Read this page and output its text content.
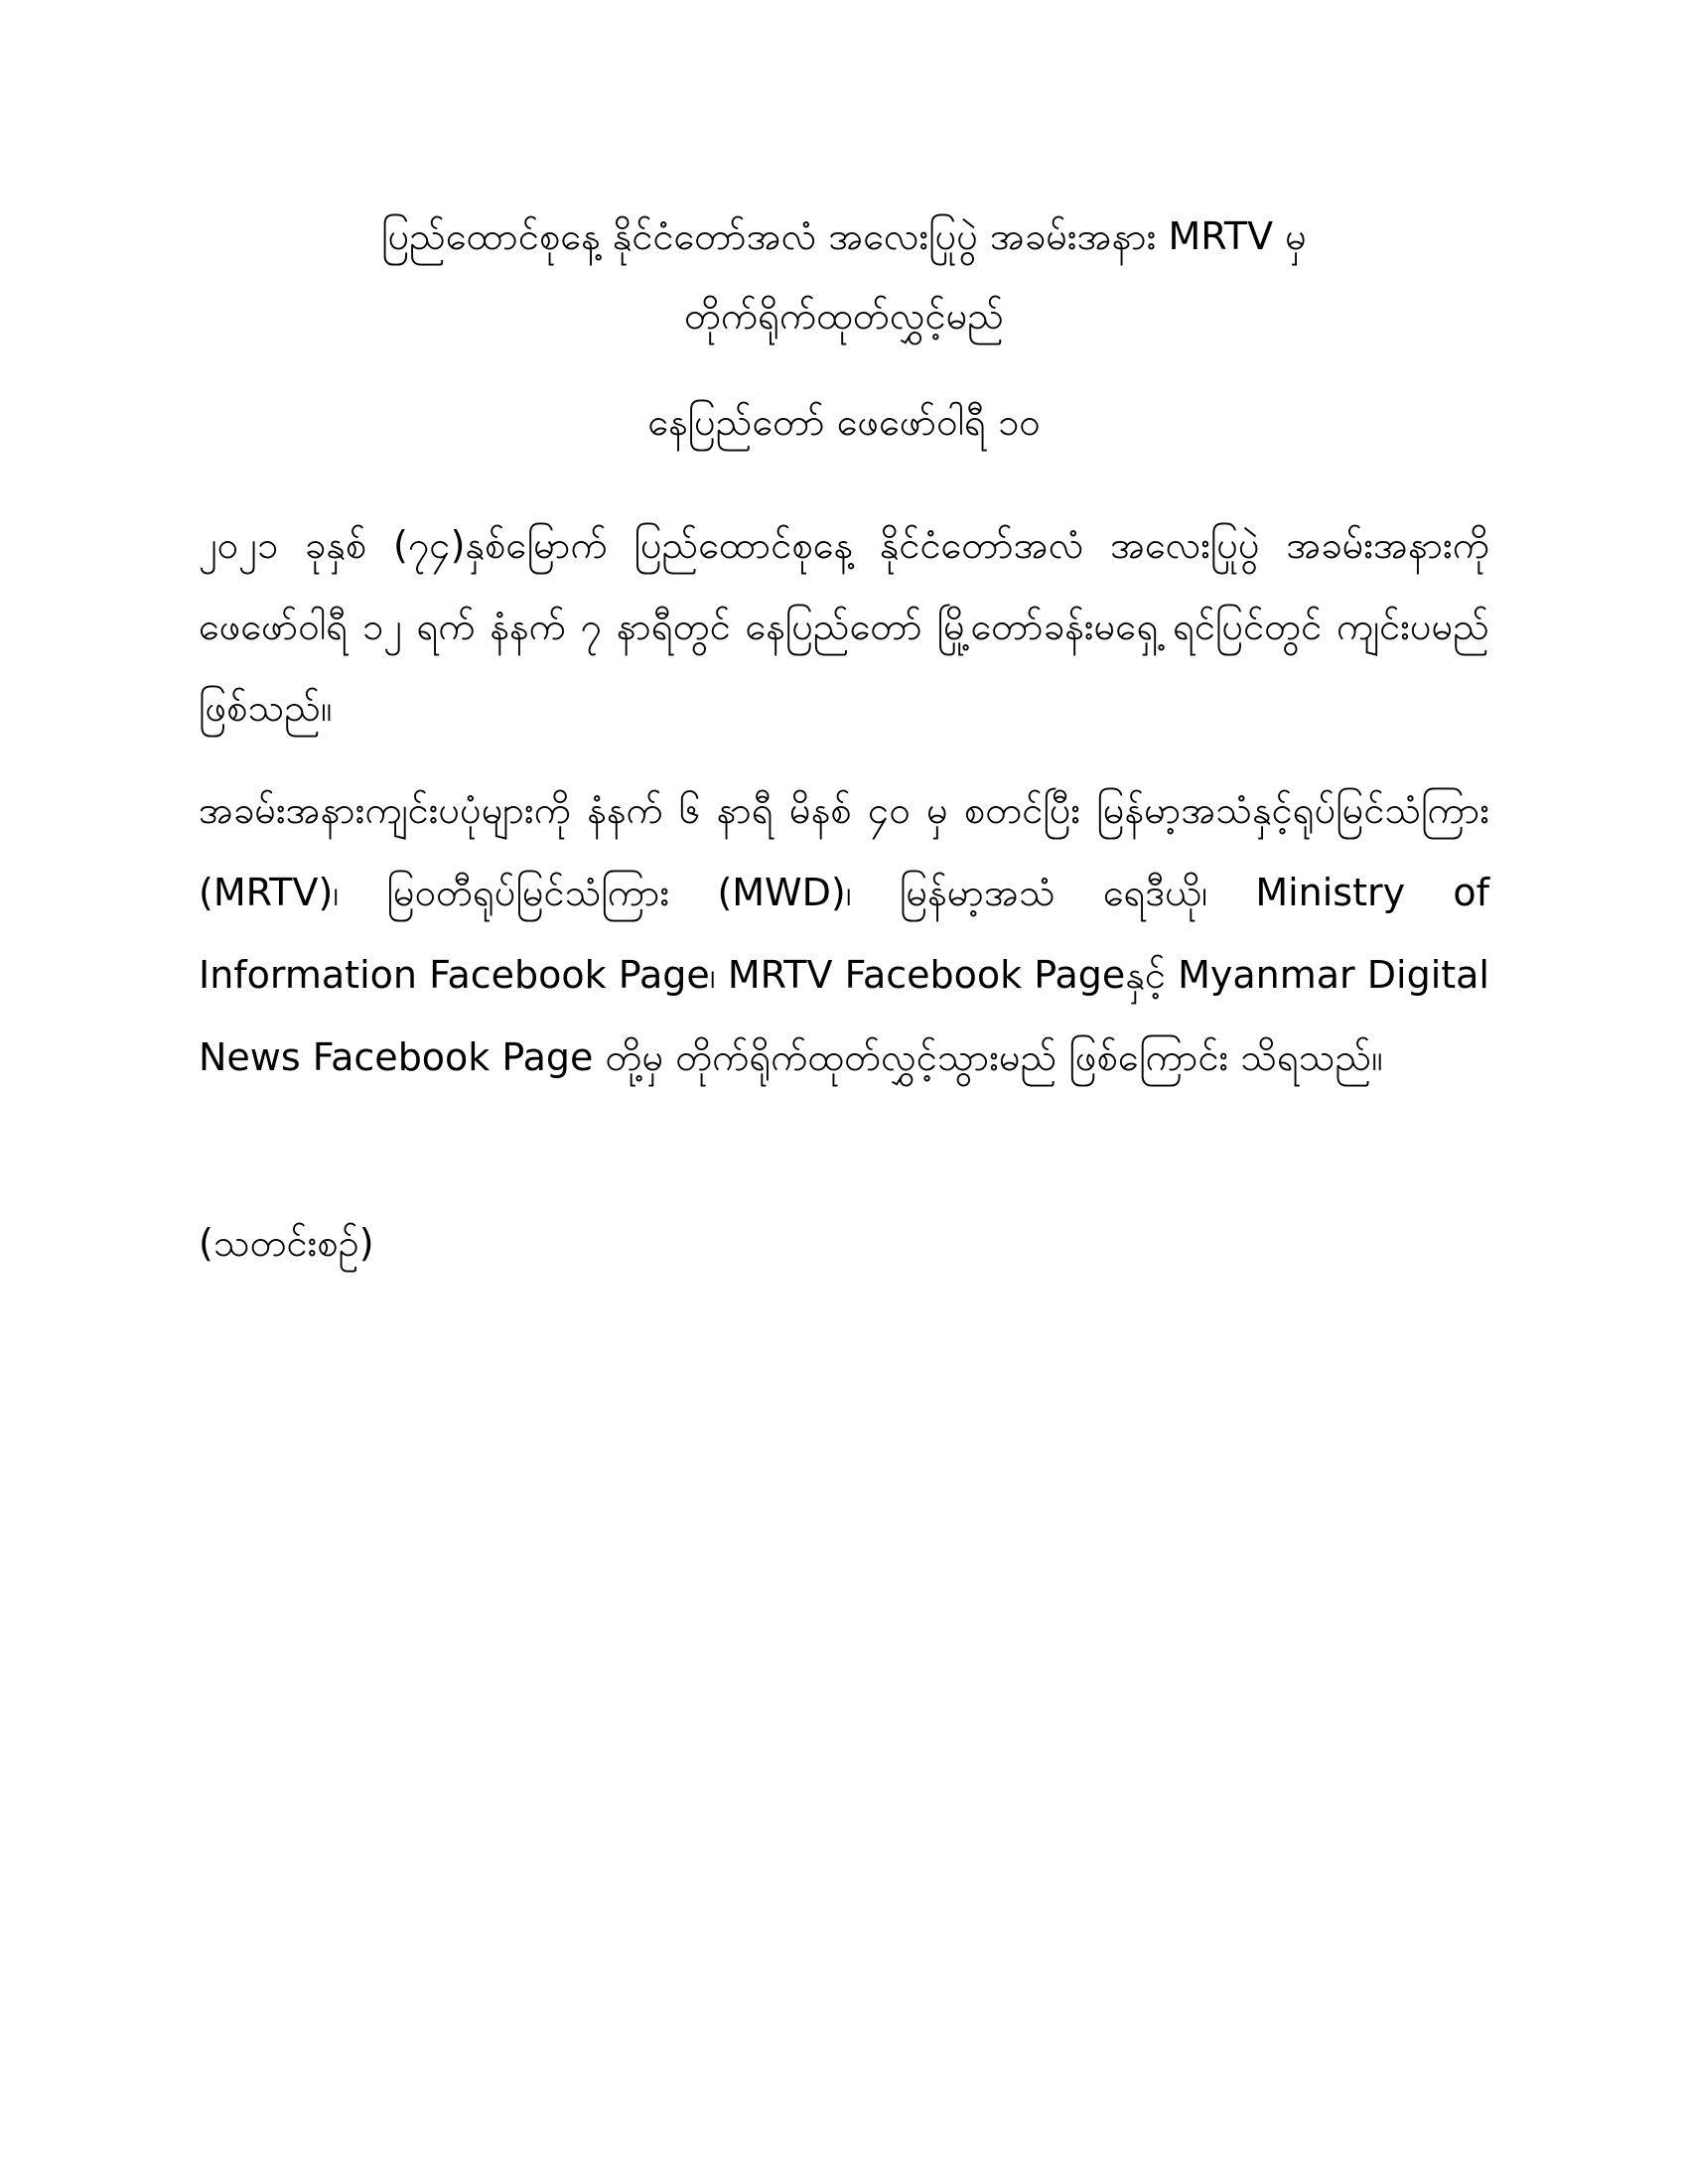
ပြည်ထောင်စုနေ့ နိုင်ငံတော်အလံ အလေးပြုပွဲ အခမ်းအနား MRTV မှ
တိုက်ရိုက်ထုတ်လွှင့်မည်
နေပြည်တော် ဖေဖော်ဝါရီ ၁၀
၂၀၂၁ ခုနှစ် (၇၄)နှစ်မြောက် ပြည်ထောင်စုနေ့ နိုင်ငံတော်အလံ အလေးပြုပွဲ အခမ်းအနားကို ဖေဖော်ဝါရီ ၁၂ ရက် နံနက် ၇ နာရီတွင် နေပြည်တော် မြို့တော်ခန်းမရှေ့ ရင်ပြင်တွင် ကျင်းပမည် ဖြစ်သည်။
အခမ်းအနားကျင်းပပုံများကို နံနက် ၆ နာရီ မိနစ် ၄၀ မှ စတင်ပြီး မြန်မာ့အသံနှင့်ရုပ်မြင်သံကြား (MRTV)၊ မြဝတီရုပ်မြင်သံကြား (MWD)၊ မြန်မာ့အသံ ရေဒီယို၊ Ministry of Information Facebook Page၊ MRTV Facebook Pageနှင့် Myanmar Digital News Facebook Page တို့မှ တိုက်ရိုက်ထုတ်လွှင့်သွားမည် ဖြစ်ကြောင်း သိရသည်။
(သတင်းစဉ်)
